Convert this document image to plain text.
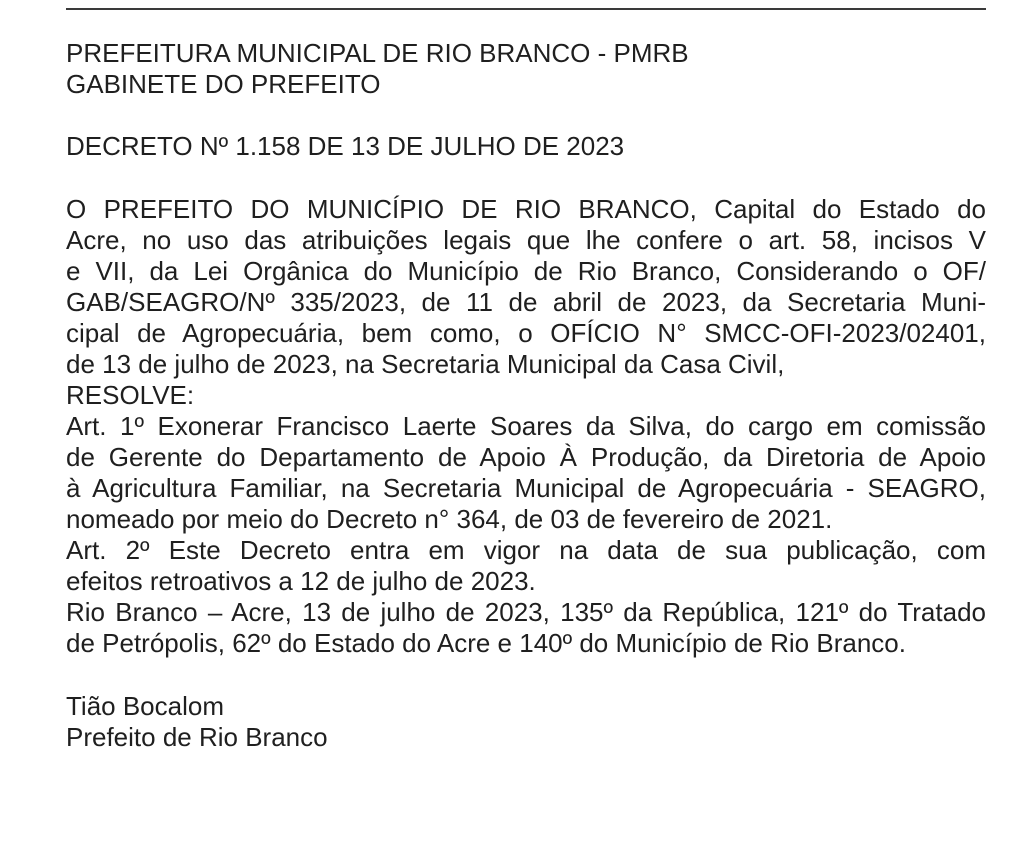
PREFEITURA MUNICIPAL DE RIO BRANCO - PMRB
GABINETE DO PREFEITO
DECRETO Nº 1.158 DE 13 DE JULHO DE 2023
O PREFEITO DO MUNICÍPIO DE RIO BRANCO, Capital do Estado do
Acre, no uso das atribuições legais que lhe confere o art. 58, incisos V
e VII, da Lei Orgânica do Município de Rio Branco, Considerando o OF/
GAB/SEAGRO/Nº 335/2023, de 11 de abril de 2023, da Secretaria Muni-
cipal de Agropecuária, bem como, o OFÍCIO N° SMCC-OFI-2023/02401,
de 13 de julho de 2023, na Secretaria Municipal da Casa Civil,
RESOLVE:
Art. 1º Exonerar Francisco Laerte Soares da Silva, do cargo em comissão
de Gerente do Departamento de Apoio À Produção, da Diretoria de Apoio
à Agricultura Familiar, na Secretaria Municipal de Agropecuária - SEAGRO,
nomeado por meio do Decreto n° 364, de 03 de fevereiro de 2021.
Art. 2º Este Decreto entra em vigor na data de sua publicação, com
efeitos retroativos a 12 de julho de 2023.
Rio Branco – Acre, 13 de julho de 2023, 135º da República, 121º do Tratado
de Petrópolis, 62º do Estado do Acre e 140º do Município de Rio Branco.
Tião Bocalom
Prefeito de Rio Branco
